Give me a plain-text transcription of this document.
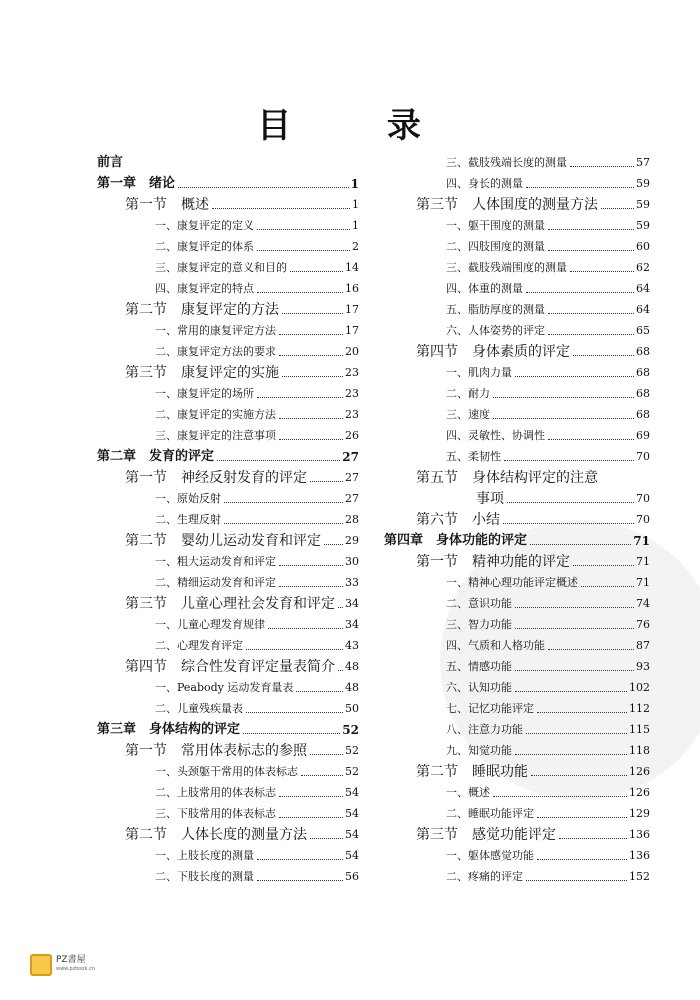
目 录
前言
第一章　绪论	1
第一节　概述	1
一、康复评定的定义	1
二、康复评定的体系	2
三、康复评定的意义和目的	14
四、康复评定的特点	16
第二节　康复评定的方法	17
一、常用的康复评定方法	17
二、康复评定方法的要求	20
第三节　康复评定的实施	23
一、康复评定的场所	23
二、康复评定的实施方法	23
三、康复评定的注意事项	26
第二章　发育的评定	27
第一节　神经反射发育的评定	27
一、原始反射	27
二、生理反射	28
第二节　婴幼儿运动发育和评定 29
一、粗大运动发育和评定	30
二、精细运动发育和评定	33
第三节　儿童心理社会发育和评定 34
一、儿童心理发育规律	34
二、心理发育评定	43
第四节　综合性发育评定量表简介 48
一、Peabody 运动发育量表	48
二、儿童残疾量表	50
第三章　身体结构的评定	52
第一节　常用体表标志的参照	52
一、头颈躯干常用的体表标志	52
二、上肢常用的体表标志	54
三、下肢常用的体表标志	54
第二节　人体长度的测量方法	54
一、上肢长度的测量	54
二、下肢长度的测量	56
三、截肢残端长度的测量	57
四、身长的测量	59
第三节　人体围度的测量方法	59
一、躯干围度的测量	59
二、四肢围度的测量	60
三、截肢残端围度的测量	62
四、体重的测量	64
五、脂肪厚度的测量	64
六、人体姿势的评定	65
第四节　身体素质的评定	68
一、肌肉力量	68
二、耐力	68
三、速度	68
四、灵敏性、协调性	69
五、柔韧性	70
第五节　身体结构评定的注意
事项	70
第六节　小结	70
第四章　身体功能的评定	71
第一节　精神功能的评定	71
一、精神心理功能评定概述	71
二、意识功能	74
三、智力功能	76
四、气质和人格功能	87
五、情感功能	93
六、认知功能	102
七、记忆功能评定	112
八、注意力功能	115
九、知觉功能	118
第二节　睡眠功能	126
一、概述	126
二、睡眠功能评定	129
第三节　感觉功能评定	136
一、躯体感觉功能	136
二、疼痛的评定	152
PZ書屋
www.pzbook.cn
